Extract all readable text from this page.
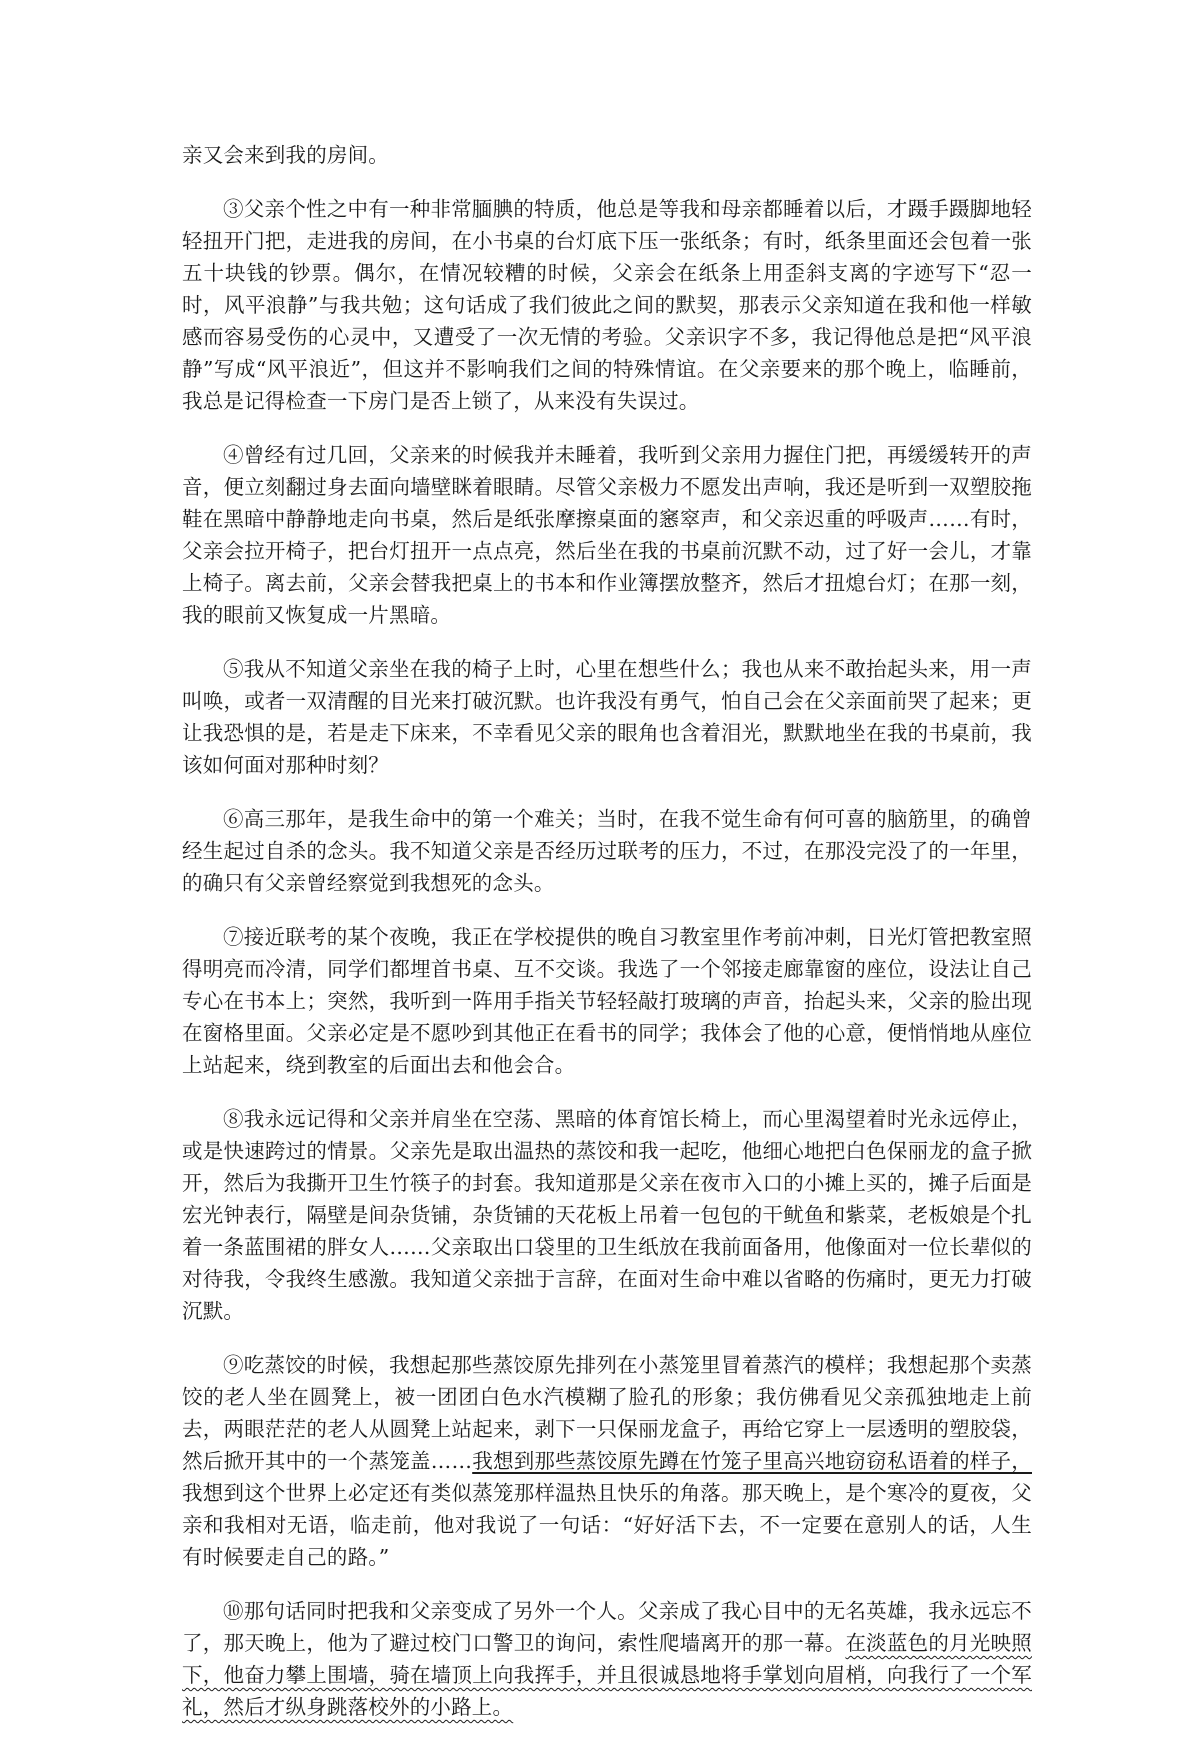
亲又会来到我的房间。

③父亲个性之中有一种非常腼腆的特质，他总是等我和母亲都睡着以后，才蹑手蹑脚地轻轻扭开门把，走进我的房间，在小书桌的台灯底下压一张纸条；有时，纸条里面还会包着一张五十块钱的钞票。偶尔，在情况较糟的时候，父亲会在纸条上用歪斜支离的字迹写下“忍一时，风平浪静”与我共勉；这句话成了我们彼此之间的默契，那表示父亲知道在我和他一样敏感而容易受伤的心灵中，又遭受了一次无情的考验。父亲识字不多，我记得他总是把“风平浪静”写成“风平浪近”，但这并不影响我们之间的特殊情谊。在父亲要来的那个晚上，临睡前，我总是记得检查一下房门是否上锁了，从来没有失误过。

④曾经有过几回，父亲来的时候我并未睡着，我听到父亲用力握住门把，再缓缓转开的声音，便立刻翻过身去面向墙壁眯着眼睛。尽管父亲极力不愿发出声响，我还是听到一双塑胶拖鞋在黑暗中静静地走向书桌，然后是纸张摩擦桌面的窸窣声，和父亲迟重的呼吸声……有时，父亲会拉开椅子，把台灯扭开一点点亮，然后坐在我的书桌前沉默不动，过了好一会儿，才靠上椅子。离去前，父亲会替我把桌上的书本和作业簿摆放整齐，然后才扭熄台灯；在那一刻，我的眼前又恢复成一片黑暗。

⑤我从不知道父亲坐在我的椅子上时，心里在想些什么；我也从来不敢抬起头来，用一声叫唤，或者一双清醒的目光来打破沉默。也许我没有勇气，怕自己会在父亲面前哭了起来；更让我恐惧的是，若是走下床来，不幸看见父亲的眼角也含着泪光，默默地坐在我的书桌前，我该如何面对那种时刻？

⑥高三那年，是我生命中的第一个难关；当时，在我不觉生命有何可喜的脑筋里，的确曾经生起过自杀的念头。我不知道父亲是否经历过联考的压力，不过，在那没完没了的一年里，的确只有父亲曾经察觉到我想死的念头。

⑦接近联考的某个夜晚，我正在学校提供的晚自习教室里作考前冲刺，日光灯管把教室照得明亮而冷清，同学们都埋首书桌、互不交谈。我选了一个邻接走廊靠窗的座位，设法让自己专心在书本上；突然，我听到一阵用手指关节轻轻敲打玻璃的声音，抬起头来，父亲的脸出现在窗格里面。父亲必定是不愿吵到其他正在看书的同学；我体会了他的心意，便悄悄地从座位上站起来，绕到教室的后面出去和他会合。

⑧我永远记得和父亲并肩坐在空荡、黑暗的体育馆长椅上，而心里渴望着时光永远停止，或是快速跨过的情景。父亲先是取出温热的蒸饺和我一起吃，他细心地把白色保丽龙的盒子掀开，然后为我撕开卫生竹筷子的封套。我知道那是父亲在夜市入口的小摊上买的，摊子后面是宏光钟表行，隔壁是间杂货铺，杂货铺的天花板上吊着一包包的干鱿鱼和紫菜，老板娘是个扎着一条蓝围裙的胖女人……父亲取出口袋里的卫生纸放在我前面备用，他像面对一位长辈似的对待我，令我终生感激。我知道父亲拙于言辞，在面对生命中难以省略的伤痛时，更无力打破沉默。

⑨吃蒸饺的时候，我想起那些蒸饺原先排列在小蒸笼里冒着蒸汽的模样；我想起那个卖蒸饺的老人坐在圆凳上，被一团团白色水汽模糊了脸孔的形象；我仿佛看见父亲孤独地走上前去，两眼茫茫的老人从圆凳上站起来，剥下一只保丽龙盒子，再给它穿上一层透明的塑胶袋，然后掀开其中的一个蒸笼盖……我想到那些蒸饺原先蹲在竹笼子里高兴地窃窃私语着的样子，我想到这个世界上必定还有类似蒸笼那样温热且快乐的角落。那天晚上，是个寒冷的夏夜，父亲和我相对无语，临走前，他对我说了一句话：“好好活下去，不一定要在意别人的话，人生有时候要走自己的路。”

⑩那句话同时把我和父亲变成了另外一个人。父亲成了我心目中的无名英雄，我永远忘不了，那天晚上，他为了避过校门口警卫的询问，索性爬墙离开的那一幕。在淡蓝色的月光映照下，他奋力攀上围墙，骑在墙顶上向我挥手，并且很诚恳地将手掌划向眉梢，向我行了一个军礼，然后才纵身跳落校外的小路上。
